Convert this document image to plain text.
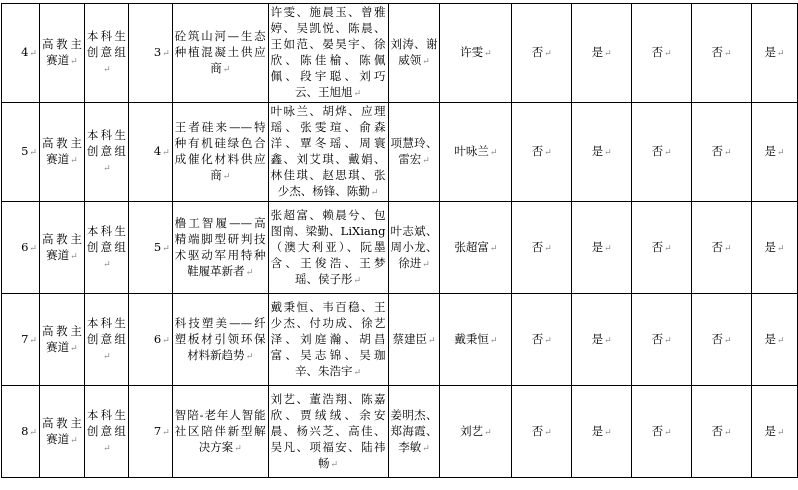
4↵	高教主赛道↵	本科生创意组↵	3↵	砼筑山河—生态种植混凝土供应商↵	许雯、施晨玉、曾雅婷、吴凯悦、陈晨、王如范、晏昊宇、徐欣、陈佳榆、陈佩佩、段宇聪、刘巧云、王旭旭↵	刘涛、谢威领↵	许雯↵	否↵	是↵	否↵	否↵	是↵
5↵	高教主赛道↵	本科生创意组↵	4↵	王者硅来——特种有机硅绿色合成催化材料供应商↵	叶咏兰、胡烨、应理瑶、张雯瑄、俞森洋、覃冬瑶、周寰鑫、刘艾琪、戴娟、林佳琪、赵思琪、张少杰、杨锋、陈勤↵	项慧玲、雷宏↵	叶咏兰↵	否↵	是↵	否↵	否↵	是↵
6↵	高教主赛道↵	本科生创意组↵	5↵	橹工智履——高精端脚型研判技术驱动军用特种鞋履革新者↵	张超富、赖晨兮、包图南、梁勤、LiXiang（澳大利亚）、阮墨含、王俊浩、王梦瑶、侯子彤↵	叶志斌、周小龙、徐进↵	张超富↵	否↵	是↵	否↵	否↵	是↵
7↵	高教主赛道↵	本科生创意组↵	6↵	科技塑美——纤塑板材引领环保材料新趋势↵	戴秉恒、韦百稳、王少杰、付功成、徐艺泽、刘庭瀚、胡昌富、吴志锦、吴珈辛、朱浩宇↵	蔡建臣↵	戴秉恒↵	否↵	是↵	否↵	否↵	是↵
8↵	高教主赛道↵	本科生创意组↵	7↵	智陪-老年人智能社区陪伴新型解决方案↵	刘艺、董浩翔、陈嘉欣、贾绒绒、余安晨、杨兴芝、高佳、吴凡、项福安、陆祎畅↵	姜明杰、郑海霞、李敏↵	刘艺↵	否↵	是↵	否↵	否↵	是↵
